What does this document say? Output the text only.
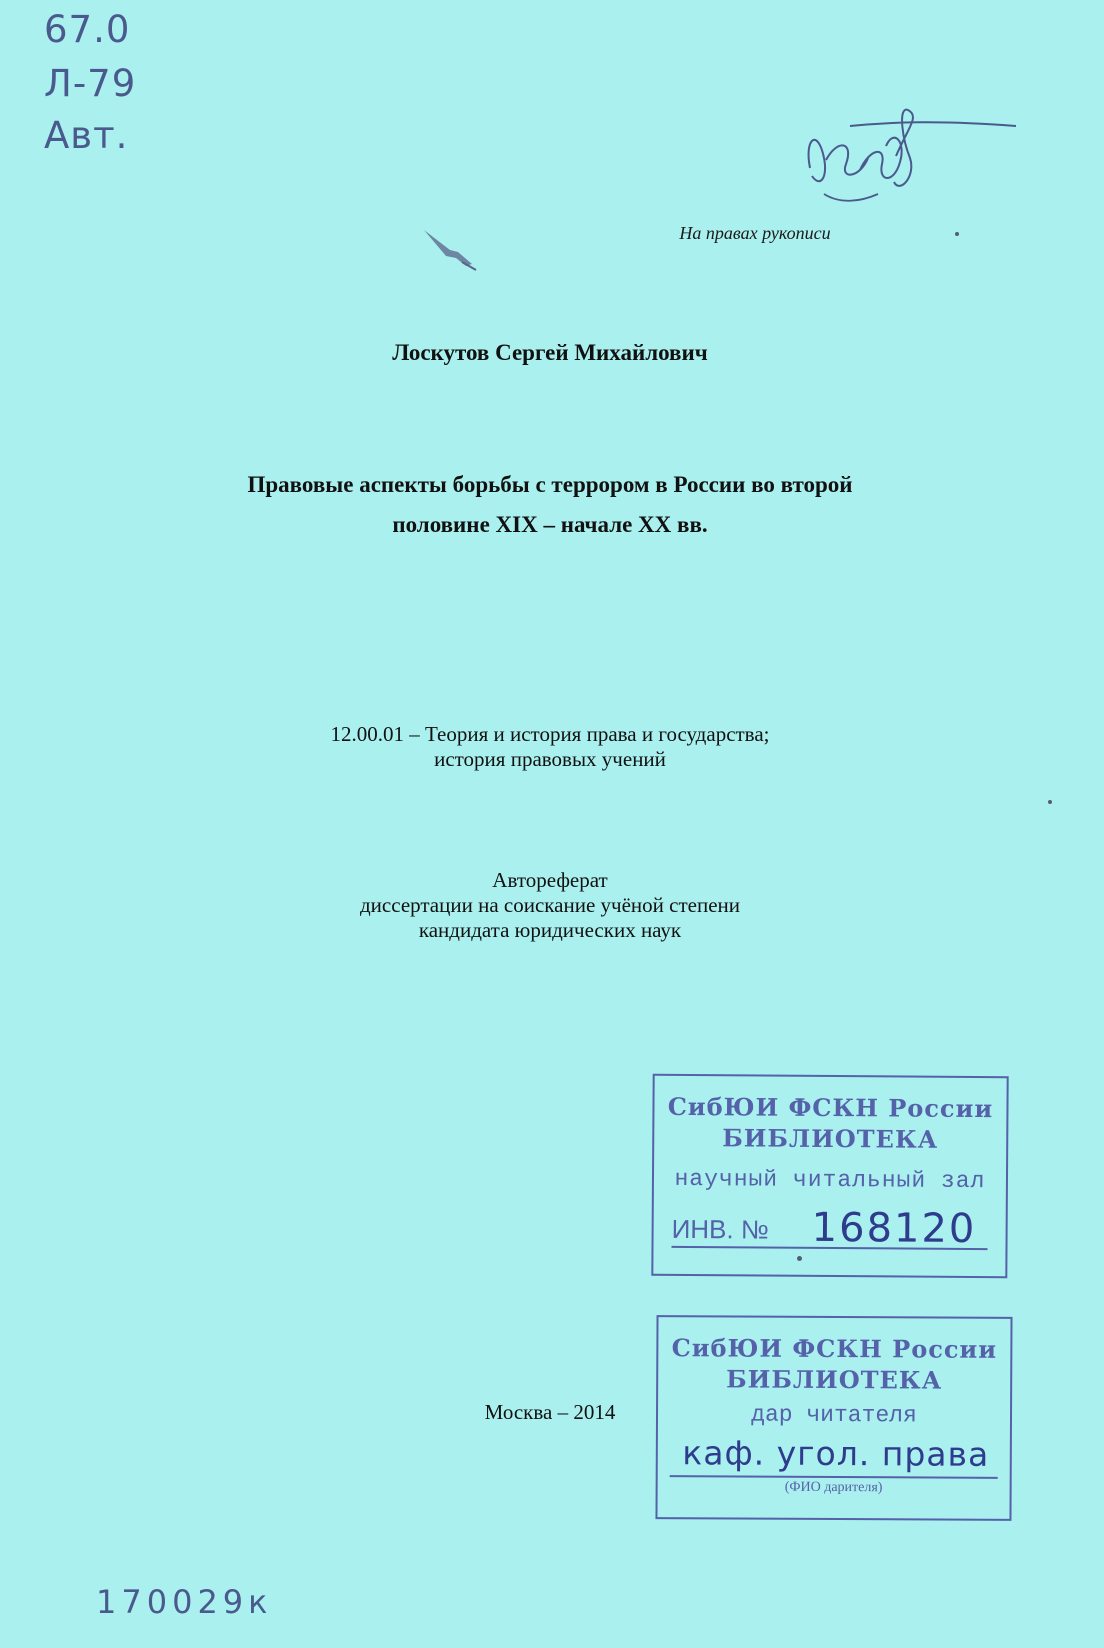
67.0
Л-79
Авт.
На правах рукописи
Лоскутов Сергей Михайлович
Правовые аспекты борьбы с террором в России во второй
половине XIX – начале XX вв.
12.00.01 – Теория и история права и государства;
история правовых учений
Автореферат
диссертации на соискание учёной степени
кандидата юридических наук
Москва – 2014
СибЮИ ФСКН России
БИБЛИОТЕКА
научный читальный зал
ИНВ. № 168120
СибЮИ ФСКН России
БИБЛИОТЕКА
дар читателя
каф. угол. права
(ФИО дарителя)
170029к
